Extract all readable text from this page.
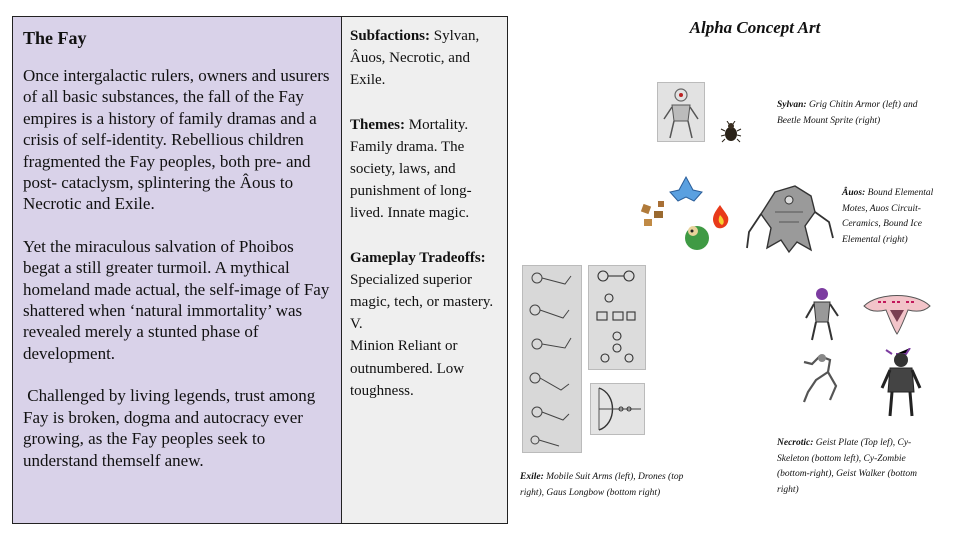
The Fay

Once intergalactic rulers, owners and usurers of all basic substances, the fall of the Fay empires is a history of family dramas and a crisis of self-identity. Rebellious children fragmented the Fay peoples, both pre- and post- cataclysm, splintering the Âous to Necrotic and Exile.

Yet the miraculous salvation of Phoibos begat a still greater turmoil. A mythical homeland made actual, the self-image of Fay shattered when ‘natural immortality’ was revealed merely a stunted phase of development.

Challenged by living legends, trust among Fay is broken, dogma and autocracy ever growing, as the Fay peoples seek to understand themself anew.

Subfactions: Sylvan, Âuos, Necrotic, and Exile.

Themes: Mortality. Family drama. The society, laws, and punishment of long-lived. Innate magic.

Gameplay Tradeoffs:
Specialized superior magic, tech, or mastery.
V.
Minion Reliant or outnumbered. Low toughness.

Alpha Concept Art
Sylvan: Grig Chitin Armor (left) and Beetle Mount Sprite (right)
Âuos: Bound Elemental Motes, Auos Circuit-Ceramics, Bound Ice Elemental (right)
Exile: Mobile Suit Arms (left), Drones (top right), Gaus Longbow (bottom right)
Necrotic: Geist Plate (Top lef), Cy-Skeleton (bottom left), Cy-Zombie (bottom-right), Geist Walker (bottom right)
